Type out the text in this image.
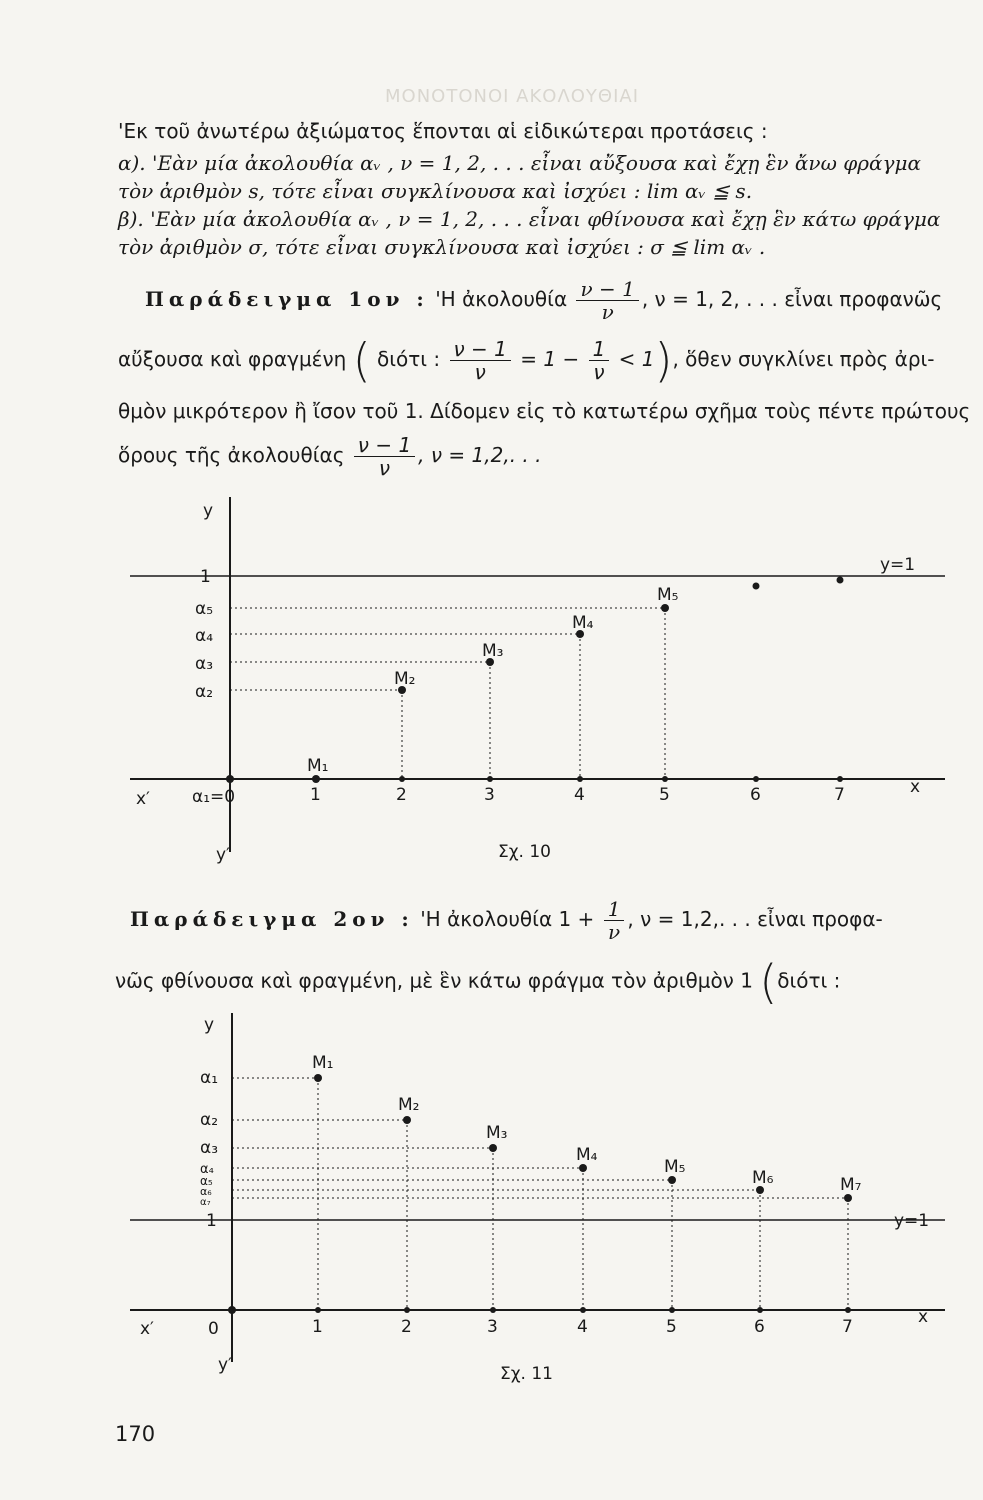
ΜΟΝΟΤΟΝΟΙ ΑΚΟΛΟΥΘΙΑΙ
'Εκ τοῦ ἀνωτέρω ἀξιώματος ἕπονται αἱ εἰδικώτεραι προτάσεις :
α). 'Εὰν μία ἀκολουθία αᵥ , ν = 1, 2, . . . εἶναι αὔξουσα καὶ ἔχῃ ἓν ἄνω φράγμα
τὸν ἀριθμὸν s, τότε εἶναι συγκλίνουσα καὶ ἰσχύει : lim αᵥ ≦ s.
β). 'Εὰν μία ἀκολουθία αᵥ , ν = 1, 2, . . . εἶναι φθίνουσα καὶ ἔχῃ ἓν κάτω φράγμα
τὸν ἀριθμὸν σ, τότε εἶναι συγκλίνουσα καὶ ἰσχύει : σ ≦ lim αᵥ .
Παράδειγμα 1ον : 'Η ἀκολουθία $\frac{\nu - 1}{\nu}$ , ν = 1, 2, . . . εἶναι προφανῶς
αὔξουσα καὶ φραγμένη ( διότι : $\frac{\nu - 1}{\nu} = 1 - \frac{1}{\nu} < 1$), ὅθεν συγκλίνει πρὸς ἀρι-
θμὸν μικρότερον ἢ ἴσον τοῦ 1. Δίδομεν εἰς τὸ κατωτέρω σχῆμα τοὺς πέντε πρώτους
ὅρους τῆς ἀκολουθίας $\frac{\nu - 1}{\nu}$ , ν = 1,2,. . .
y
y′
x
x′ α₁=0
y=1
1
α₅
α₄
α₃
α₂
1	2	3	4	5	6	7
M₁
M₂
M₃
M₄
M₅
Σχ. 10
Παράδειγμα 2ον : 'Η ἀκολουθία $1 + \frac{1}{\nu}$ , ν = 1,2,. . . εἶναι προφα-
νῶς φθίνουσα καὶ φραγμένη, μὲ ἓν κάτω φράγμα τὸν ἀριθμὸν 1 (διότι :
y
y′
x
x′	0
y=1
α₁
α₂
α₃
α₄
α₅
α₆
α₇
1
1	2	3	4	5	6	7
M₁
M₂
M₃
M₄
M₅
M₆	M₇
Σχ. 11
170
